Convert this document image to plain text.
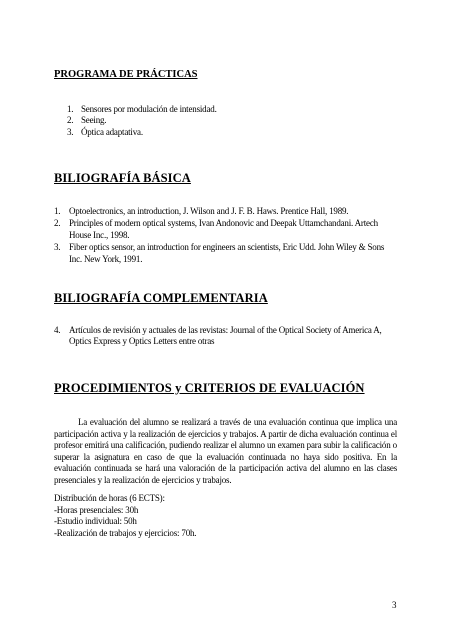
PROGRAMA DE PRÁCTICAS
1. Sensores por modulación de intensidad.
2. Seeing.
3. Óptica adaptativa.
BILIOGRAFÍA BÁSICA
1. Optoelectronics, an introduction, J. Wilson and J. F. B. Haws. Prentice Hall, 1989.
2. Principles of modern optical systems, Ivan Andonovic and Deepak Uttamchandani. Artech House Inc., 1998.
3. Fiber optics sensor, an introduction for engineers an scientists, Eric Udd. John Wiley & Sons Inc. New York, 1991.
BILIOGRAFÍA COMPLEMENTARIA
4. Artículos de revisión y actuales de las revistas: Journal of the Optical Society of America A, Optics Express y Optics Letters entre otras
PROCEDIMIENTOS y CRITERIOS DE EVALUACIÓN

La evaluación del alumno se realizará a través de una evaluación continua que implica una participación activa y la realización de ejercicios y trabajos. A partir de dicha evaluación continua el profesor emitirá una calificación, pudiendo realizar el alumno un examen para subir la calificación o superar la asignatura en caso de que la evaluación continuada no haya sido positiva. En la evaluación continuada se hará una valoración de la participación activa del alumno en las clases presenciales y la realización de ejercicios y trabajos.

Distribución de horas (6 ECTS):
-Horas presenciales: 30h
-Estudio individual: 50h
-Realización de trabajos y ejercicios: 70h.
3
